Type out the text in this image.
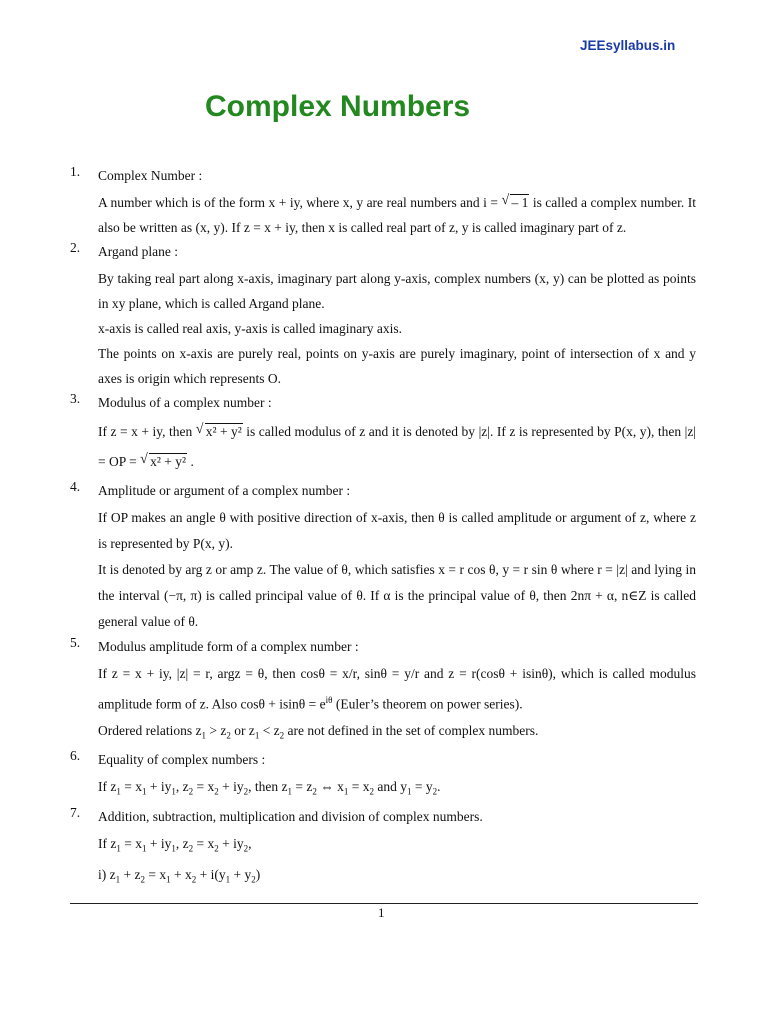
JEEsyllabus.in
Complex Numbers
1.	Complex Number :
A number which is of the form x + iy, where x, y are real numbers and i = √ – 1 is called a complex number. It also be written as (x, y). If z = x + iy, then x is called real part of z, y is called imaginary part of z.
2.	Argand plane :
By taking real part along x-axis, imaginary part along y-axis, complex numbers (x, y) can be plotted as points in xy plane, which is called Argand plane.
x-axis is called real axis, y-axis is called imaginary axis.
The points on x-axis are purely real, points on y-axis are purely imaginary, point of intersection of x and y axes is origin which represents O.
3.	Modulus of a complex number :
If z = x + iy, then √ x² + y² is called modulus of z and it is denoted by |z|. If z is represented by P(x, y), then |z| = OP = √ x² + y² .
4.	Amplitude or argument of a complex number :
If OP makes an angle θ with positive direction of x-axis, then θ is called amplitude or argument of z, where z is represented by P(x, y).
It is denoted by arg z or amp z. The value of θ, which satisfies x = r cos θ, y = r sin θ where r = |z| and lying in the interval (−π, π) is called principal value of θ. If α is the principal value of θ, then 2nπ + α, n∈Z is called general value of θ.
5.	Modulus amplitude form of a complex number :
If z = x + iy, |z| = r, argz = θ, then cosθ = x/r, sinθ = y/r and z = r(cosθ + isinθ), which is called modulus amplitude form of z. Also $\cos\theta + isin\theta = e^{i\theta}$ (Euler’s theorem on power series).
Ordered relations $z_1 > z_2$ or $z_1 < z_2$ are not defined in the set of complex numbers.
6.	Equality of complex numbers :
If $z_1 = x_1 + iy_1$, $z_2 = x_2 + iy_2$, then $z_1 = z_2$ ⇔ $x_1 = x_2$ and $y_1 = y_2$.
7.	Addition, subtraction, multiplication and division of complex numbers.
If $z_1 = x_1 + iy_1$, $z_2 = x_2 + iy_2$,
i) $z_1 + z_2 = x_1 + x_2 + i(y_1 + y_2)$
1
